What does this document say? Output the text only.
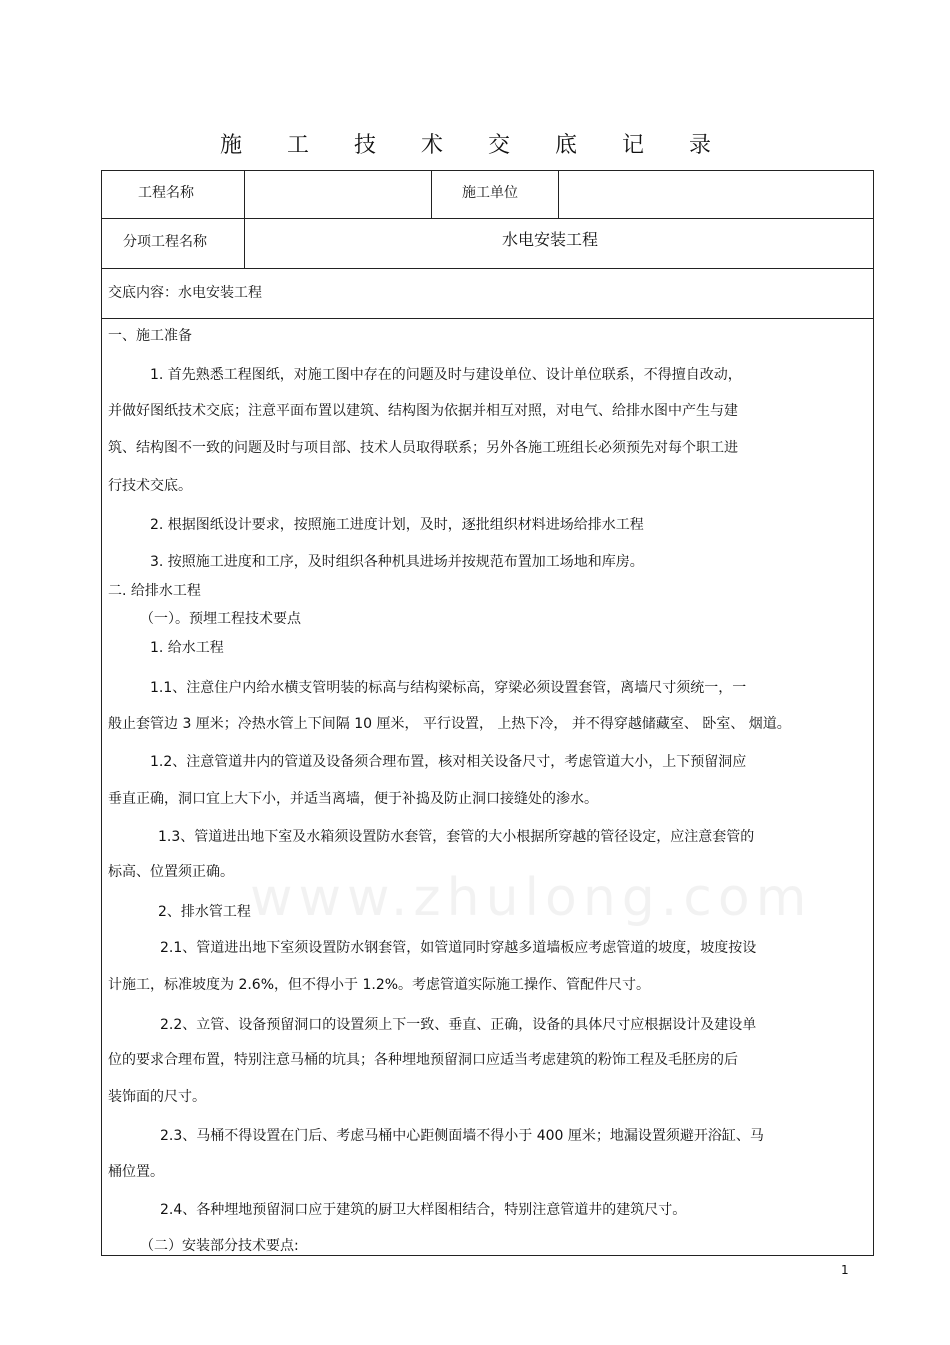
施 工 技 术 交 底 记 录
www.zhulong.com
工程名称	施工单位
分项工程名称	水电安装工程
交底内容：水电安装工程
一、施工准备
1. 首先熟悉工程图纸，对施工图中存在的问题及时与建设单位、设计单位联系，不得擅自改动，
并做好图纸技术交底；注意平面布置以建筑、结构图为依据并相互对照，对电气、给排水图中产生与建
筑、结构图不一致的问题及时与项目部、技术人员取得联系；另外各施工班组长必须预先对每个职工进
行技术交底。
2. 根据图纸设计要求，按照施工进度计划，及时，逐批组织材料进场给排水工程
3. 按照施工进度和工序，及时组织各种机具进场并按规范布置加工场地和库房。
二. 给排水工程
（一）。预埋工程技术要点
1. 给水工程
1.1、注意住户内给水横支管明装的标高与结构梁标高，穿梁必须设置套管，离墙尺寸须统一，一
般止套管边 3 厘米；冷热水管上下间隔 10 厘米， 平行设置， 上热下冷， 并不得穿越储藏室、 卧室、 烟道。
1.2、注意管道井内的管道及设备须合理布置，核对相关设备尺寸，考虑管道大小，上下预留洞应
垂直正确，洞口宜上大下小，并适当离墙，便于补捣及防止洞口接缝处的渗水。
1.3、管道进出地下室及水箱须设置防水套管，套管的大小根据所穿越的管径设定，应注意套管的
标高、位置须正确。
2、排水管工程
2.1、管道进出地下室须设置防水钢套管，如管道同时穿越多道墙板应考虑管道的坡度，坡度按设
计施工，标准坡度为 2.6%，但不得小于 1.2%。考虑管道实际施工操作、管配件尺寸。
2.2、立管、设备预留洞口的设置须上下一致、垂直、正确，设备的具体尺寸应根据设计及建设单
位的要求合理布置，特别注意马桶的坑具；各种埋地预留洞口应适当考虑建筑的粉饰工程及毛胚房的后
装饰面的尺寸。
2.3、马桶不得设置在门后、考虑马桶中心距侧面墙不得小于 400 厘米；地漏设置须避开浴缸、马
桶位置。
2.4、各种埋地预留洞口应于建筑的厨卫大样图相结合，特别注意管道井的建筑尺寸。
（二）安装部分技术要点:
1
